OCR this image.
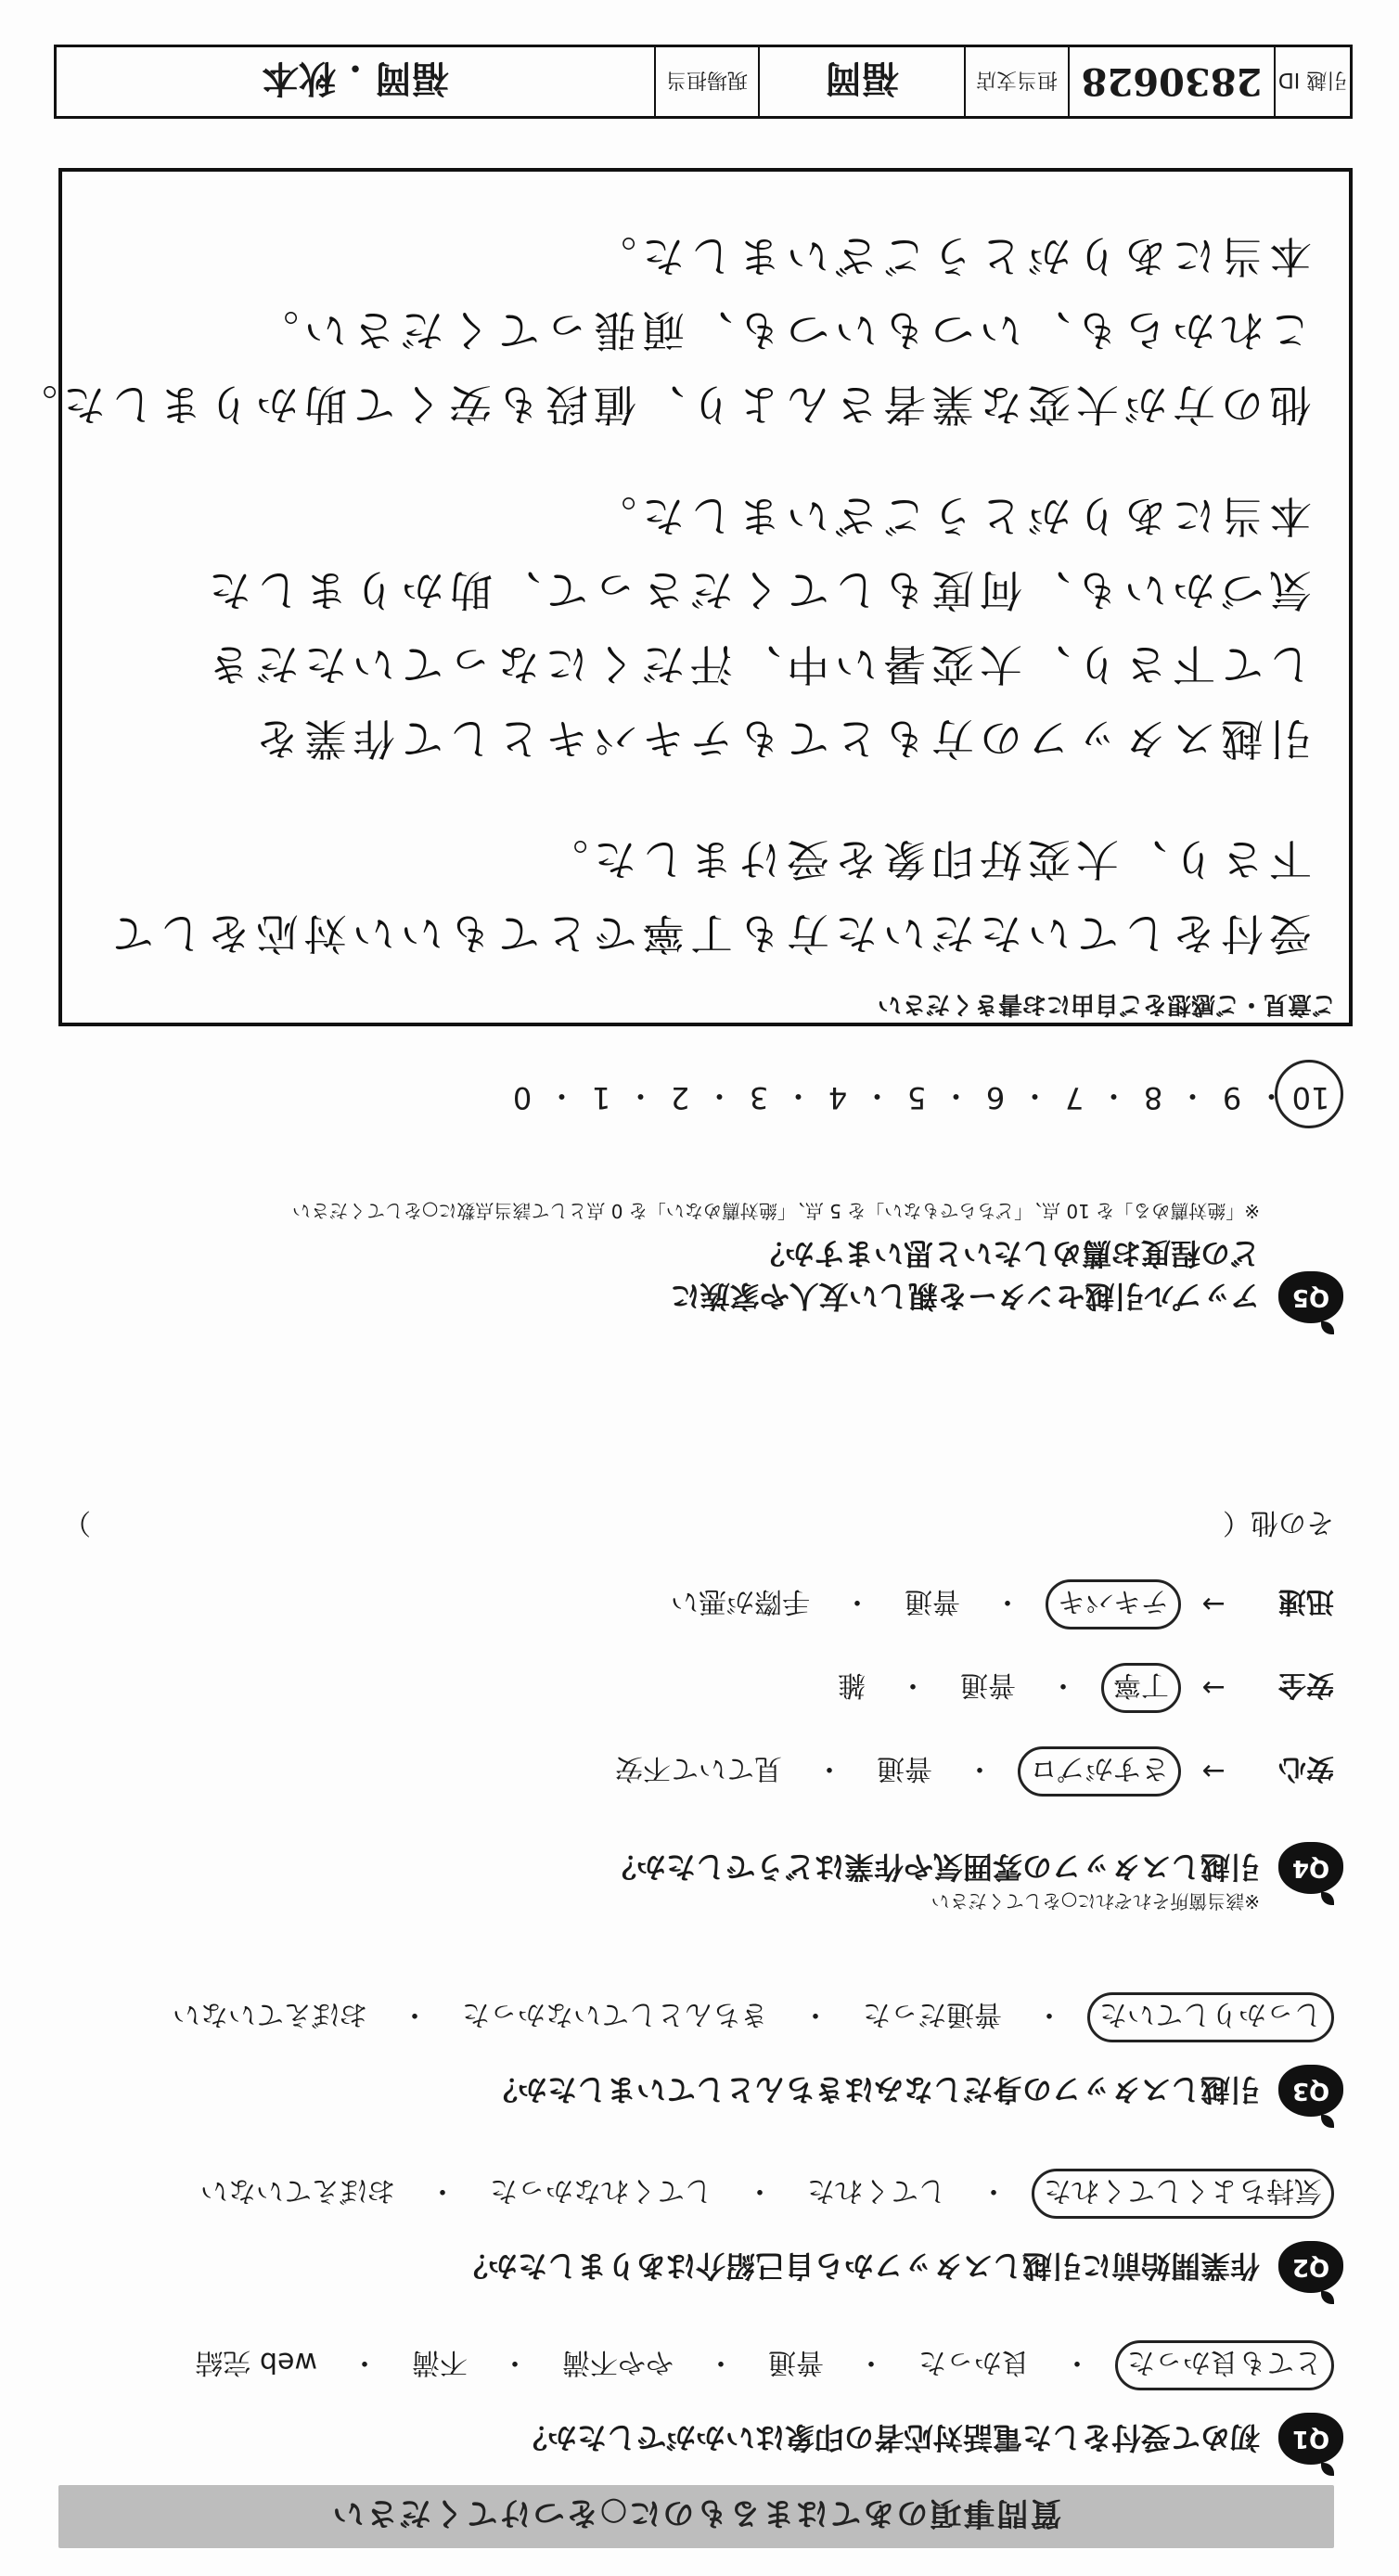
質問事項のあてはまるものに○をつけてください
Q1
初めて受付をした電話対応者の印象はいかがでしたか？
とても良かった
・
良かった
・
普通
・
やや不満
・
不満
・
web 完結
Q2
作業開始前に引越しスタッフから自己紹介はありましたか？
気持ちよくしてくれた
・
してくれた
・
してくれなかった
・
おぼえていない
Q3
引越しスタッフの身だしなみはきちんとしていましたか？
しっかりしていた
・
普通だった
・
きちんとしていなかった
・
おぼえていない
Q4
引越しスタッフの雰囲気や作業はどうでしたか？
※該当箇所それぞれに○をしてください
安心
→
さすがプロ
・
普通
・
見ていて不安
安全
→
丁寧
・
普通
・
雑
迅速
→
テキパキ
・
普通
・
手際が悪い
その他（
）
Q5
アップル引越センターを親しい友人や家族に
どの程度お薦めしたいと思いますか？
※「絶対薦める」を 10 点、「どちらでもない」を 5 点、「絶対薦めない」を 0 点として該当点数に○をしてください
10
・
9
・
8
・
7
・
6
・
5
・
4
・
3
・
2
・
1
・
0
ご意見・ご感想をご自由にお書きください
受付をしていただいた方も丁寧でとてもいい対応をして
下さり、大変好印象を受けました。
引越スタッフの方もとてもテキパキとして作業を
して下さり、大変暑い中、汗だくになっていただき
気づかいも、何度もしてくださって、助かりました
本当にありがとうございました。
他の方が大変な業者さんより、値段も安くて助かりました。
これからも、いつもいつも、頑張ってください。
本当にありがとうございました。
引越 ID
2830628
担当支店
福岡
現場担当
福岡 . 秋本
